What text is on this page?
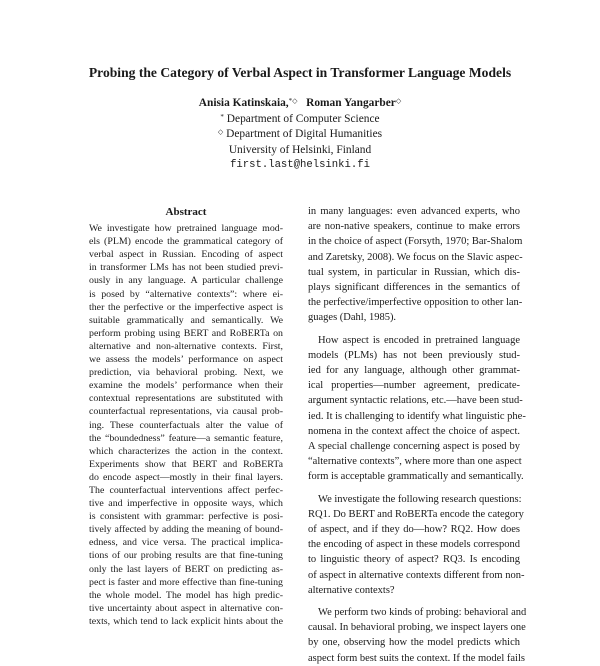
Probing the Category of Verbal Aspect in Transformer Language Models
Anisia Katinskaia,*◇ Roman Yangarber◇
* Department of Computer Science
◇ Department of Digital Humanities
University of Helsinki, Finland
first.last@helsinki.fi
Abstract
We investigate how pretrained language mod-
els (PLM) encode the grammatical category of
verbal aspect in Russian. Encoding of aspect
in transformer LMs has not been studied previ-
ously in any language. A particular challenge
is posed by “alternative contexts”: where ei-
ther the perfective or the imperfective aspect is
suitable grammatically and semantically. We
perform probing using BERT and RoBERTa on
alternative and non-alternative contexts. First,
we assess the models’ performance on aspect
prediction, via behavioral probing. Next, we
examine the models’ performance when their
contextual representations are substituted with
counterfactual representations, via causal prob-
ing. These counterfactuals alter the value of
the “boundedness” feature—a semantic feature,
which characterizes the action in the context.
Experiments show that BERT and RoBERTa
do encode aspect—mostly in their final layers.
The counterfactual interventions affect perfec-
tive and imperfective in opposite ways, which
is consistent with grammar: perfective is posi-
tively affected by adding the meaning of bound-
edness, and vice versa. The practical implica-
tions of our probing results are that fine-tuning
only the last layers of BERT on predicting as-
pect is faster and more effective than fine-tuning
the whole model. The model has high predic-
tive uncertainty about aspect in alternative con-
texts, which tend to lack explicit hints about the
in many languages: even advanced experts, who
are non-native speakers, continue to make errors
in the choice of aspect (Forsyth, 1970; Bar-Shalom
and Zaretsky, 2008). We focus on the Slavic aspec-
tual system, in particular in Russian, which dis-
plays significant differences in the semantics of
the perfective/imperfective opposition to other lan-
guages (Dahl, 1985).
How aspect is encoded in pretrained language
models (PLMs) has not been previously stud-
ied for any language, although other grammat-
ical properties—number agreement, predicate-
argument syntactic relations, etc.—have been stud-
ied. It is challenging to identify what linguistic phe-
nomena in the context affect the choice of aspect.
A special challenge concerning aspect is posed by
“alternative contexts”, where more than one aspect
form is acceptable grammatically and semantically.
We investigate the following research questions:
RQ1. Do BERT and RoBERTa encode the category
of aspect, and if they do—how? RQ2. How does
the encoding of aspect in these models correspond
to linguistic theory of aspect? RQ3. Is encoding
of aspect in alternative contexts different from non-
alternative contexts?
We perform two kinds of probing: behavioral and
causal. In behavioral probing, we inspect layers one
by one, observing how the model predicts which
aspect form best suits the context. If the model fails
